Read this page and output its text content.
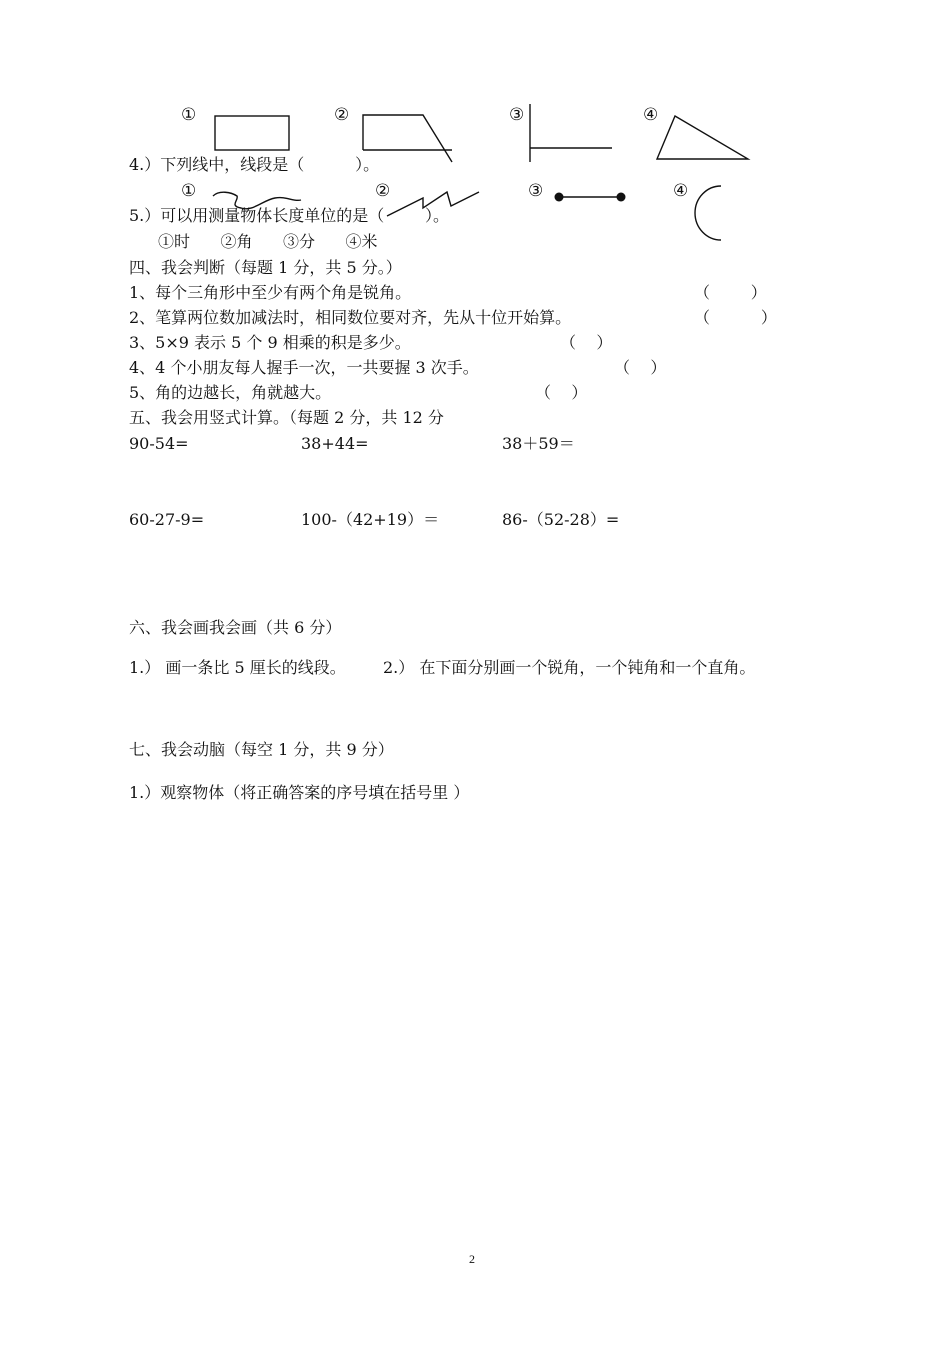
①	②	③	④
4.）下列线中，线段是（          ）。
①	②	③	④
5.）可以用测量物体长度单位的是（        ）。
①时      ②角      ③分      ④米
四、我会判断（每题 1 分，共 5 分。）
1、每个三角形中至少有两个角是锐角。	（        ）
2、笔算两位数加减法时，相同数位要对齐，先从十位开始算。	（          ）
3、5×9 表示 5 个 9 相乘的积是多少。	（    ）
4、4 个小朋友每人握手一次，一共要握 3 次手。	（    ）
5、角的边越长，角就越大。	（    ）
五、我会用竖式计算。（每题 2 分，共 12 分
90-54=	38+44=	38＋59＝
60-27-9=	100-（42+19）＝	86-（52-28）=
六、我会画我会画（共 6 分）
1.） 画一条比 5 厘长的线段。 2.） 在下面分别画一个锐角，一个钝角和一个直角。
七、我会动脑（每空 1 分，共 9 分）
1.）观察物体（将正确答案的序号填在括号里 ）
2
